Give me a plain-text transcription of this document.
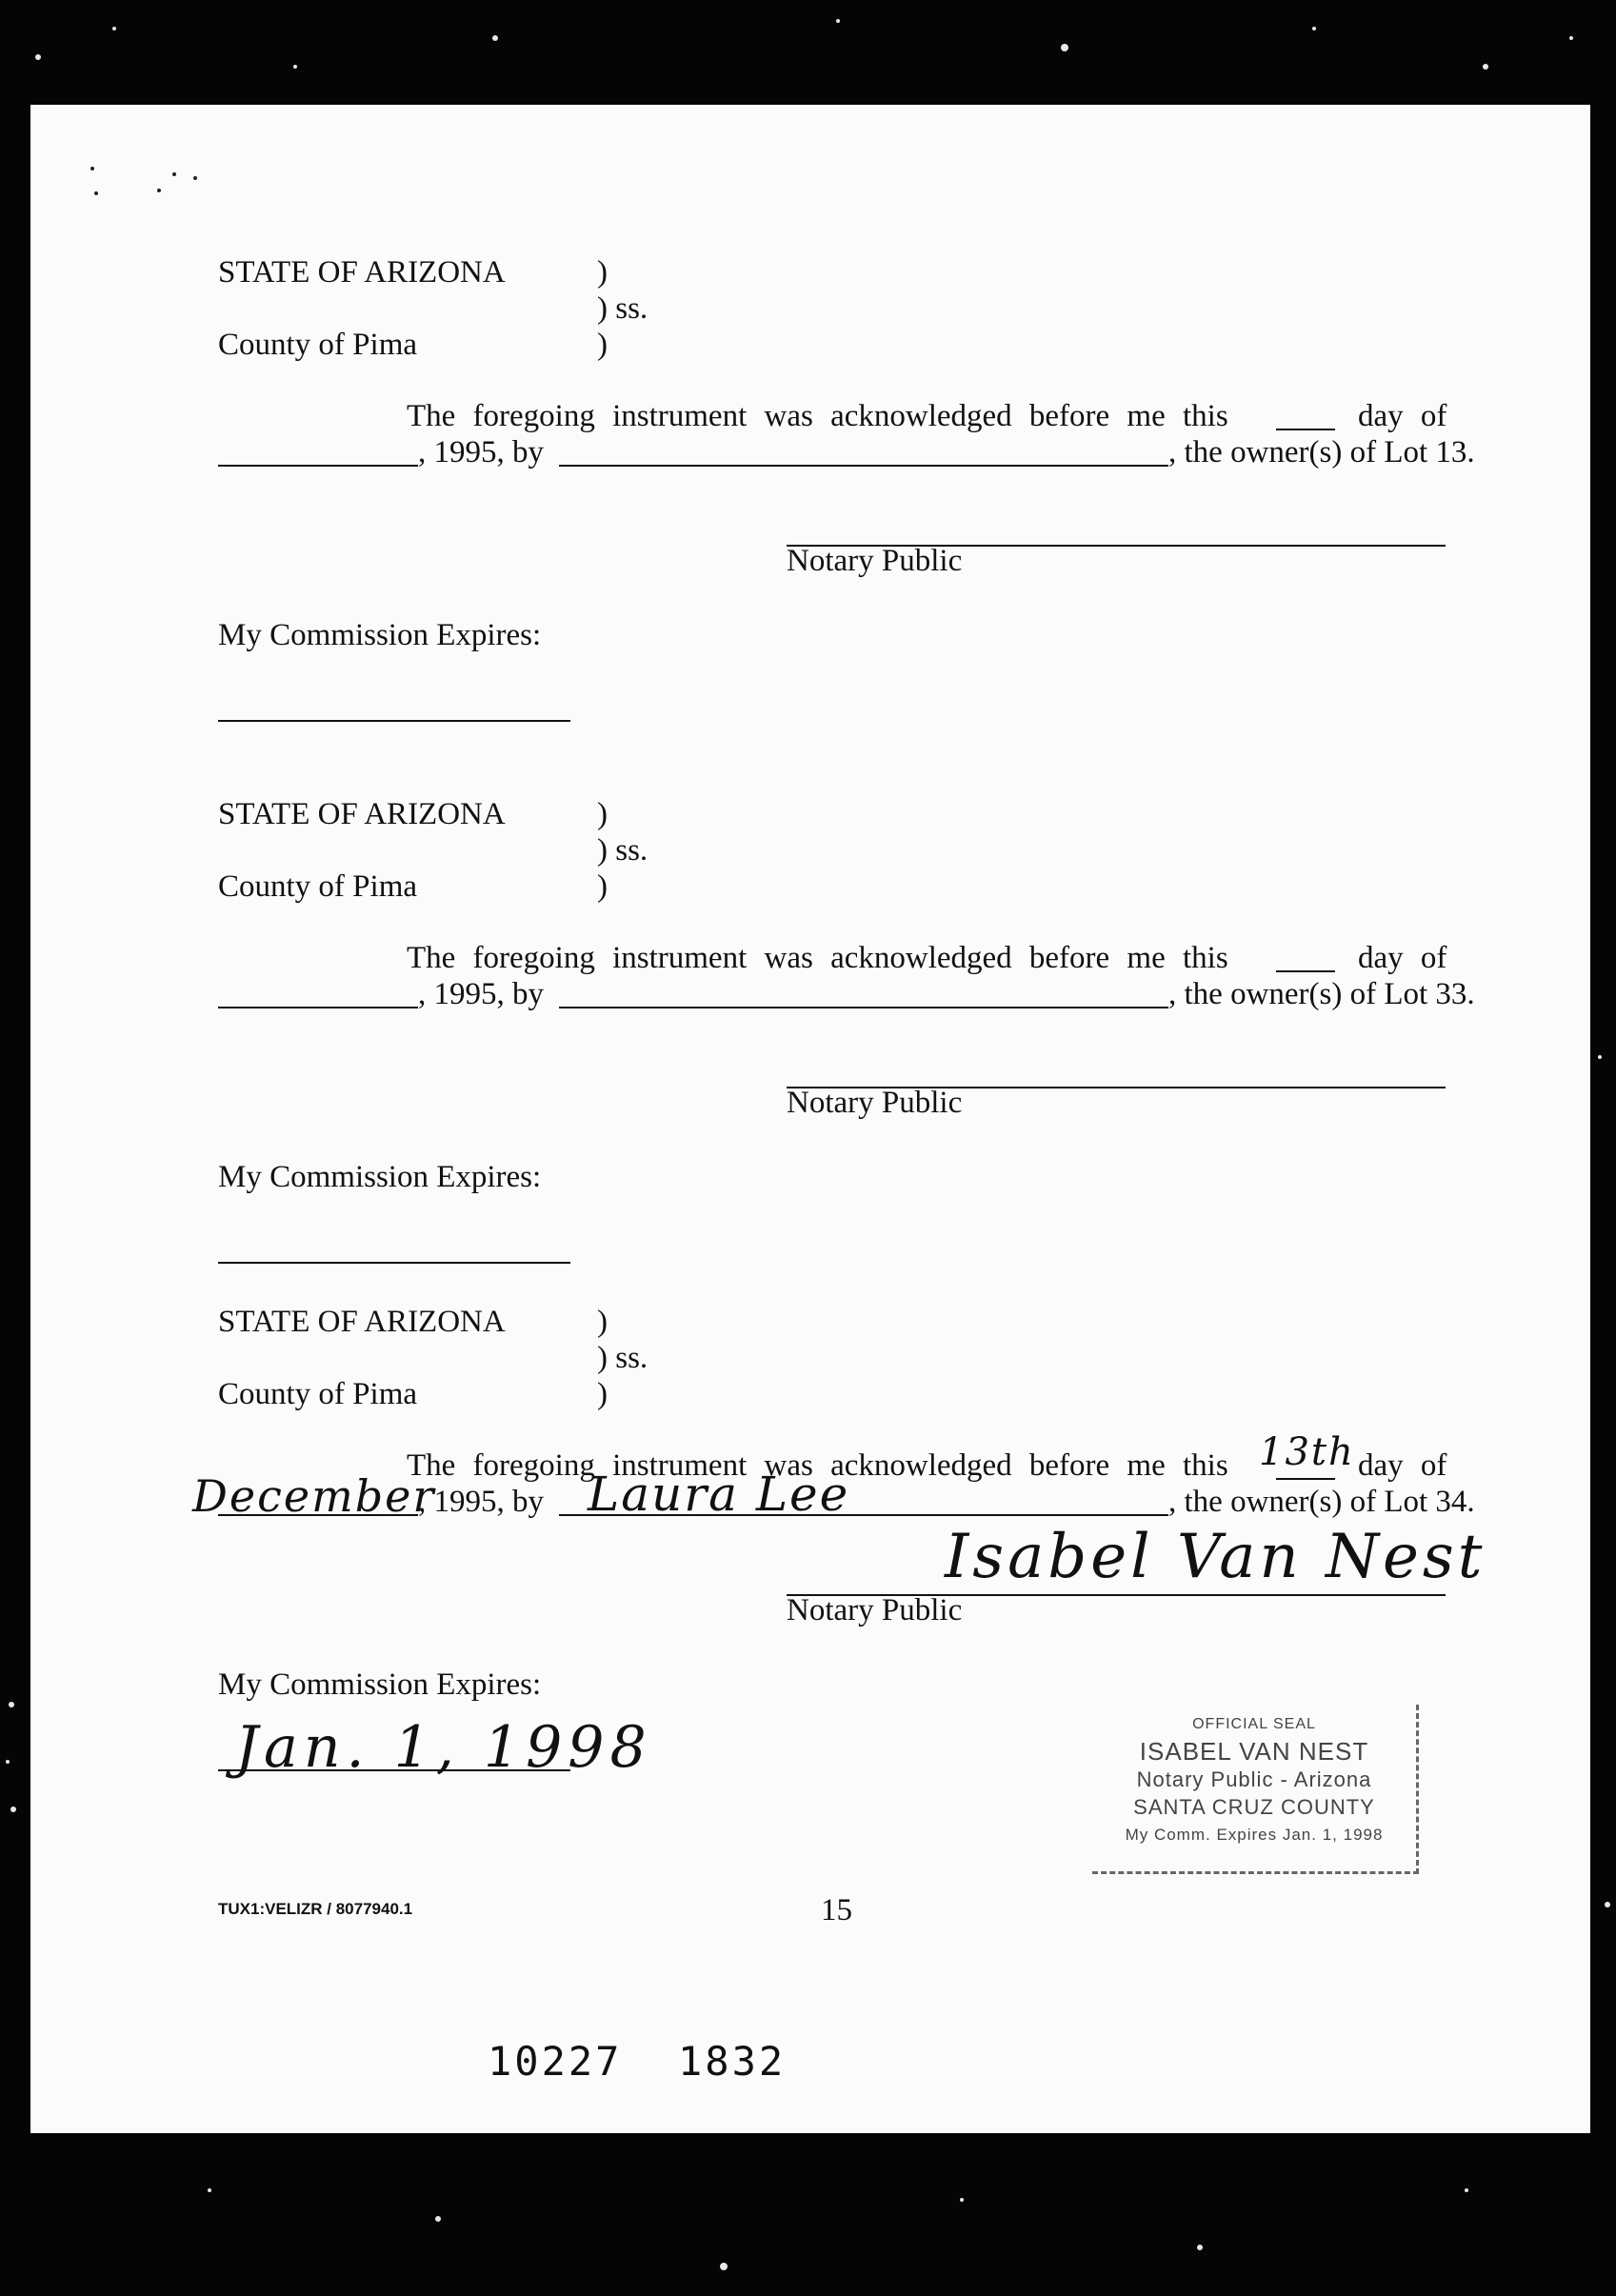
STATE OF ARIZONA	)
) ss.
County of Pima	)
The foregoing instrument was acknowledged before me this	day of
, 1995, by	, the owner(s) of Lot 13.
Notary Public
My Commission Expires:
STATE OF ARIZONA	)
) ss.
County of Pima	)
The foregoing instrument was acknowledged before me this	day of
, 1995, by	, the owner(s) of Lot 33.
Notary Public
My Commission Expires:
STATE OF ARIZONA	)
) ss.
County of Pima	)
The foregoing instrument was acknowledged before me this 13th day of
December
, 1995, by Laura Lee	, the owner(s) of Lot 34.
Isabel Van Nest
Notary Public
My Commission Expires:
Jan. 1, 1998	OFFICIAL SEAL
ISABEL VAN NEST
Notary Public - Arizona
SANTA CRUZ COUNTY
My Comm. Expires Jan. 1, 1998
TUX1:VELIZR / 8077940.1	15
10227 1832
